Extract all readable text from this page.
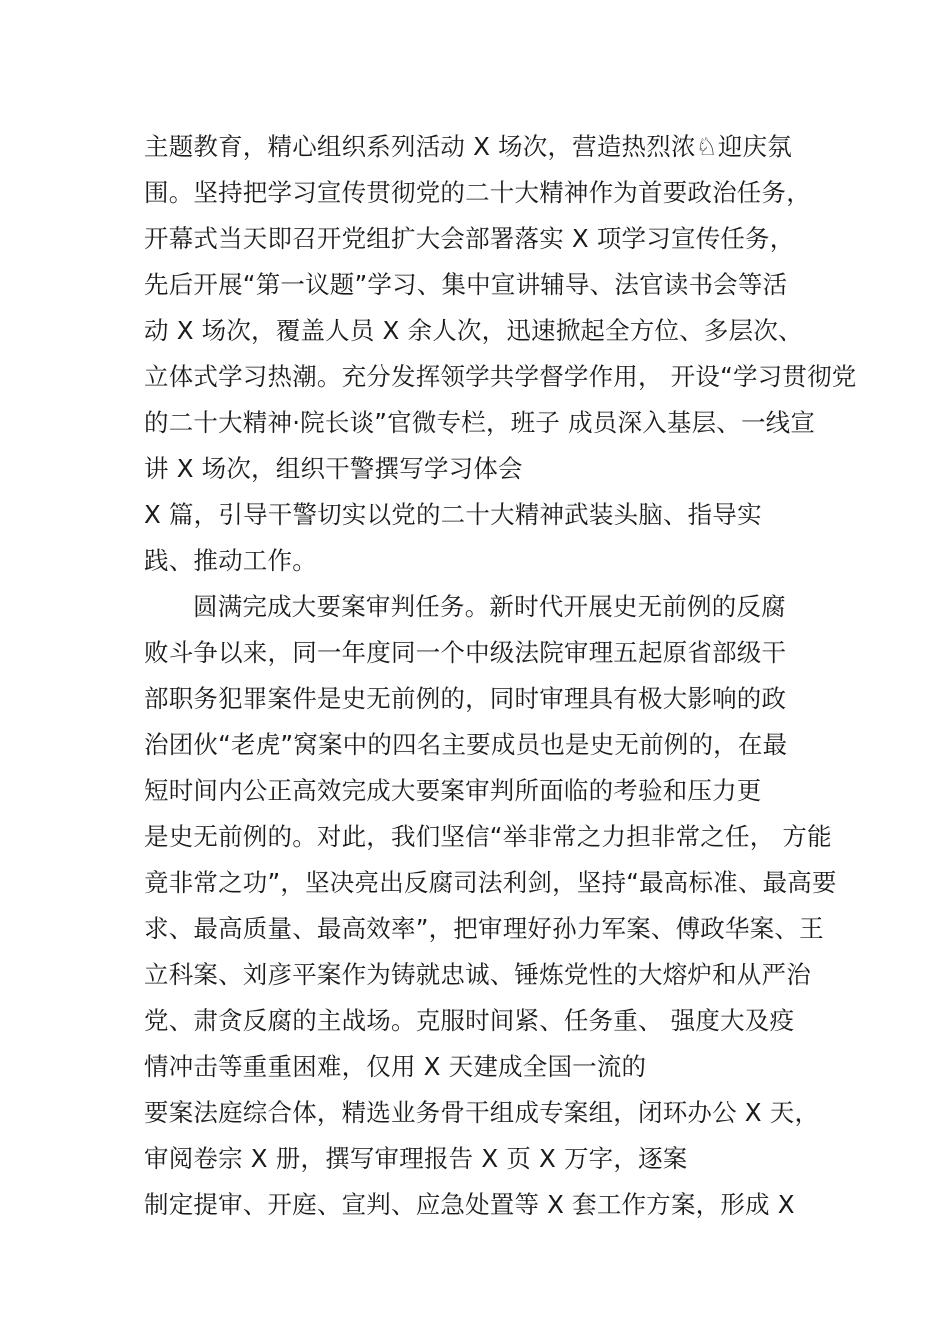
主题教育，精心组织系列活动 X 场次，营造热烈浓♘迎庆氛
围。坚持把学习宣传贯彻党的二十大精神作为首要政治任务，
开幕式当天即召开党组扩大会部署落实 X 项学习宣传任务，
先后开展“第一议题”学习、集中宣讲辅导、法官读书会等活
动 X 场次，覆盖人员 X 余人次，迅速掀起全方位、多层次、
立体式学习热潮。充分发挥领学共学督学作用， 开设“学习贯彻党
的二十大精神·院长谈”官微专栏，班子 成员深入基层、一线宣
讲 X 场次，组织干警撰写学习体会
X 篇，引导干警切实以党的二十大精神武装头脑、指导实
践、推动工作。
圆满完成大要案审判任务。新时代开展史无前例的反腐
败斗争以来，同一年度同一个中级法院审理五起原省部级干
部职务犯罪案件是史无前例的，同时审理具有极大影响的政
治团伙“老虎”窝案中的四名主要成员也是史无前例的，在最
短时间内公正高效完成大要案审判所面临的考验和压力更
是史无前例的。对此，我们坚信“举非常之力担非常之任， 方能
竟非常之功”，坚决亮出反腐司法利剑，坚持“最高标准、最高要
求、最高质量、最高效率”，把审理好孙力军案、傅政华案、王
立科案、刘彦平案作为铸就忠诚、锤炼党性的大熔炉和从严治
党、肃贪反腐的主战场。克服时间紧、任务重、 强度大及疫
情冲击等重重困难，仅用 X 天建成全国一流的
要案法庭综合体，精选业务骨干组成专案组，闭环办公 X 天，
审阅卷宗 X 册，撰写审理报告 X 页 X 万字，逐案
制定提审、开庭、宣判、应急处置等 X 套工作方案，形成 X
